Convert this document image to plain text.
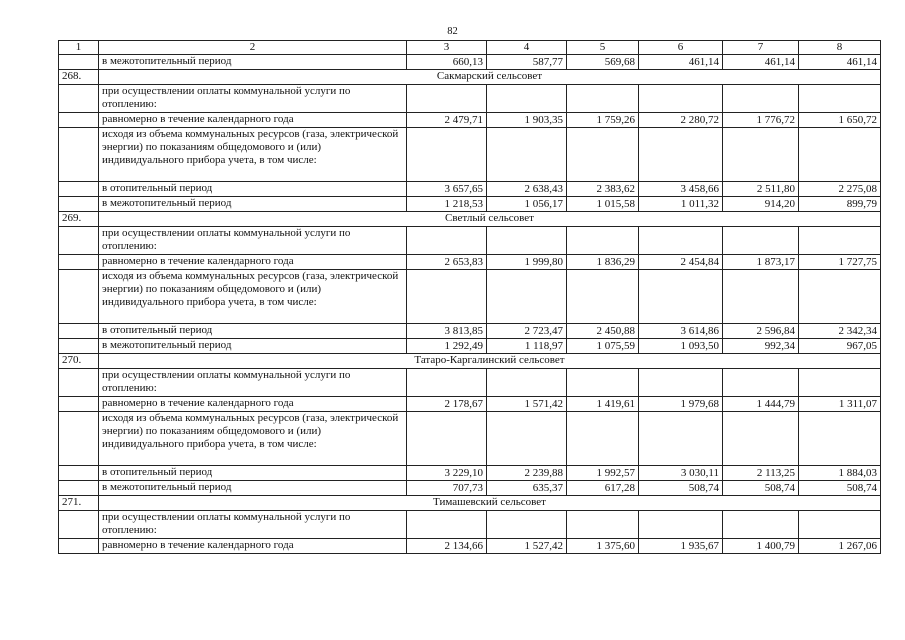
82
1	2	3	4	5	6	7	8
	в межотопительный период	660,13	587,77	569,68	461,14	461,14	461,14
268.	Сакмарский сельсовет						
	при осуществлении оплаты коммунальной услуги по отоплению:						
	равномерно в течение календарного года	2 479,71	1 903,35	1 759,26	2 280,72	1 776,72	1 650,72
	исходя из объема коммунальных ресурсов (газа, электрической энергии) по показаниям общедомового и (или) индивидуального прибора учета, в том числе:						
	в отопительный период	3 657,65	2 638,43	2 383,62	3 458,66	2 511,80	2 275,08
	в межотопительный период	1 218,53	1 056,17	1 015,58	1 011,32	914,20	899,79
269.	Светлый сельсовет						
	при осуществлении оплаты коммунальной услуги по отоплению:						
	равномерно в течение календарного года	2 653,83	1 999,80	1 836,29	2 454,84	1 873,17	1 727,75
	исходя из объема коммунальных ресурсов (газа, электрической энергии) по показаниям общедомового и (или) индивидуального прибора учета, в том числе:						
	в отопительный период	3 813,85	2 723,47	2 450,88	3 614,86	2 596,84	2 342,34
	в межотопительный период	1 292,49	1 118,97	1 075,59	1 093,50	992,34	967,05
270.	Татаро-Каргалинский сельсовет						
	при осуществлении оплаты коммунальной услуги по отоплению:						
	равномерно в течение календарного года	2 178,67	1 571,42	1 419,61	1 979,68	1 444,79	1 311,07
	исходя из объема коммунальных ресурсов (газа, электрической энергии) по показаниям общедомового и (или) индивидуального прибора учета, в том числе:						
	в отопительный период	3 229,10	2 239,88	1 992,57	3 030,11	2 113,25	1 884,03
	в межотопительный период	707,73	635,37	617,28	508,74	508,74	508,74
271.	Тимашевский сельсовет						
	при осуществлении оплаты коммунальной услуги по отоплению:						
	равномерно в течение календарного года	2 134,66	1 527,42	1 375,60	1 935,67	1 400,79	1 267,06
